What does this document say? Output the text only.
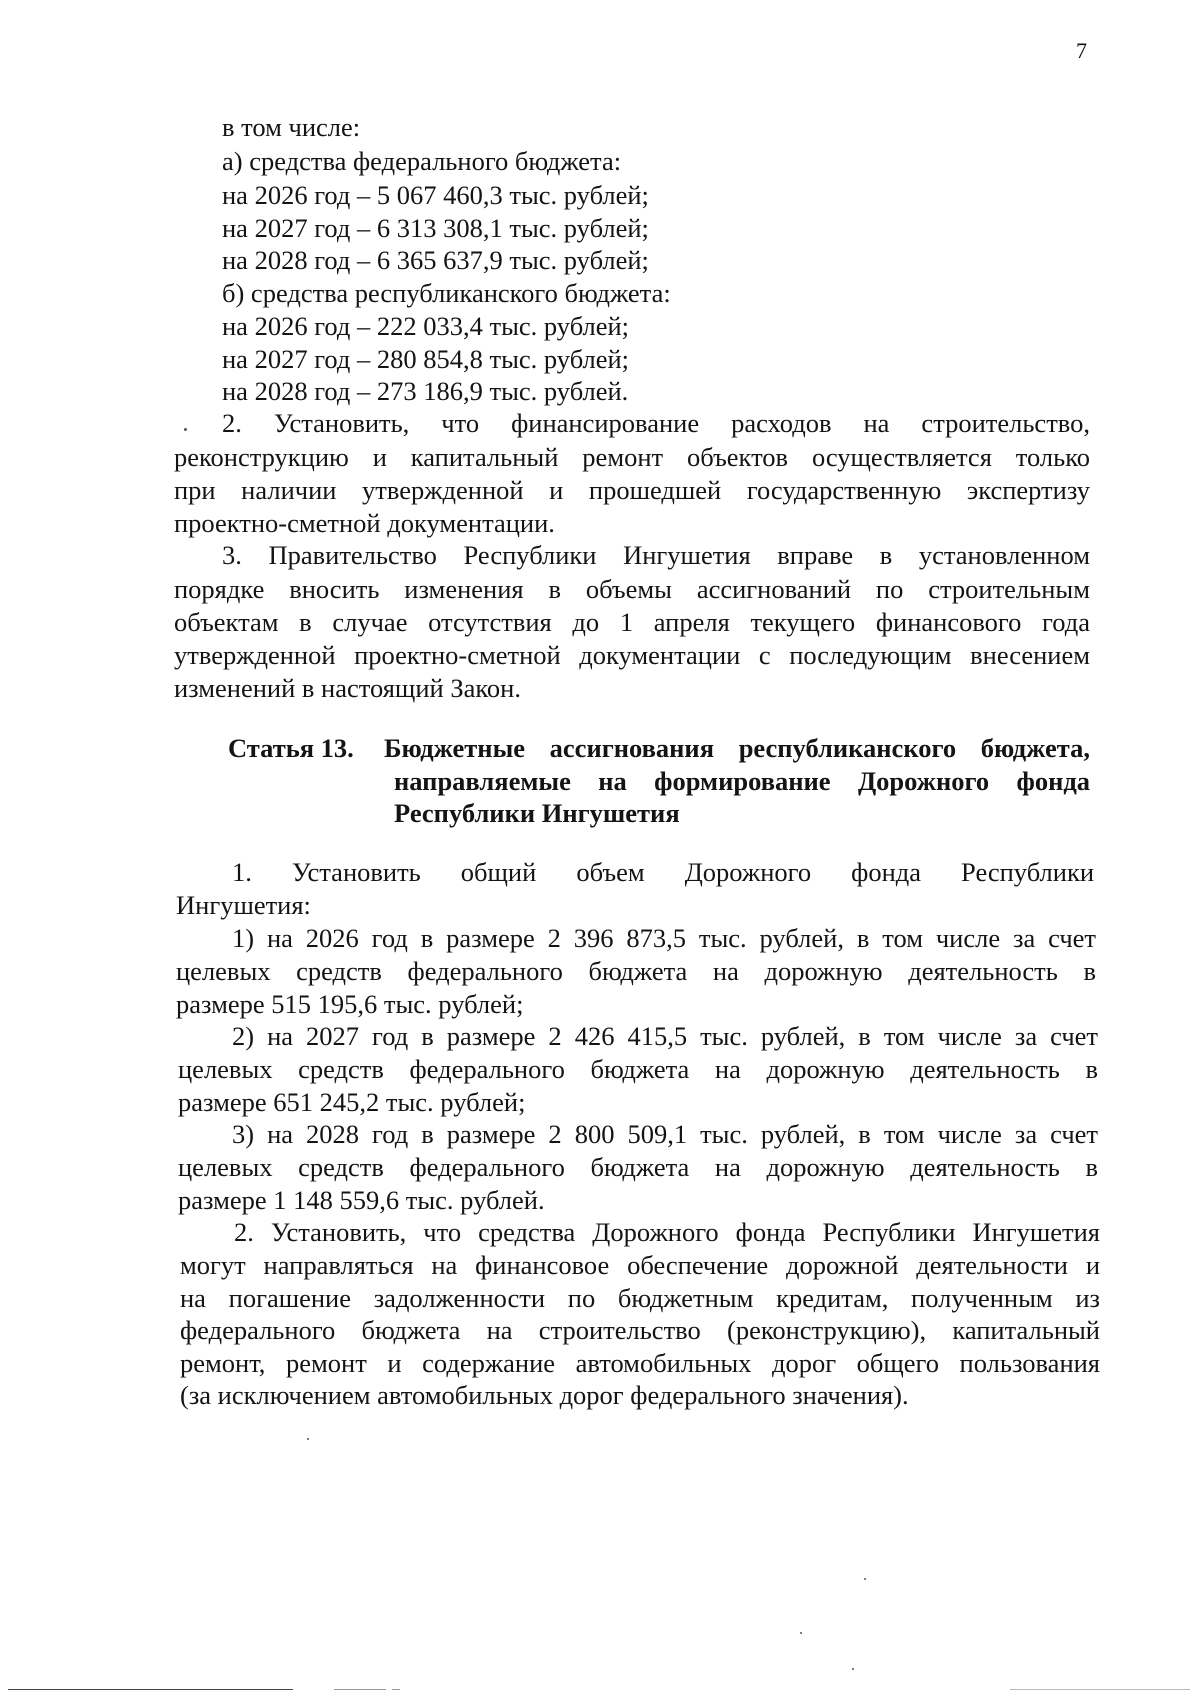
7
в том числе:
а) средства федерального бюджета:
на 2026 год – 5 067 460,3 тыс. рублей;
на 2027 год – 6 313 308,1 тыс. рублей;
на 2028 год – 6 365 637,9 тыс. рублей;
б) средства республиканского бюджета:
на 2026 год – 222 033,4 тыс. рублей;
на 2027 год – 280 854,8 тыс. рублей;
на 2028 год – 273 186,9 тыс. рублей.
2. Установить, что финансирование расходов на строительство,
реконструкцию и капитальный ремонт объектов осуществляется только
при наличии утвержденной и прошедшей государственную экспертизу
проектно-сметной документации.
3. Правительство Республики Ингушетия вправе в установленном
порядке вносить изменения в объемы ассигнований по строительным
объектам в случае отсутствия до 1 апреля текущего финансового года
утвержденной проектно-сметной документации с последующим внесением
изменений в настоящий Закон.
Статья 13. Бюджетные ассигнования республиканского бюджета,
направляемые на формирование Дорожного фонда
Республики Ингушетия
1. Установить общий объем Дорожного фонда Республики
Ингушетия:
1) на 2026 год в размере 2 396 873,5 тыс. рублей, в том числе за счет
целевых средств федерального бюджета на дорожную деятельность в
размере 515 195,6 тыс. рублей;
2) на 2027 год в размере 2 426 415,5 тыс. рублей, в том числе за счет
целевых средств федерального бюджета на дорожную деятельность в
размере 651 245,2 тыс. рублей;
3) на 2028 год в размере 2 800 509,1 тыс. рублей, в том числе за счет
целевых средств федерального бюджета на дорожную деятельность в
размере 1 148 559,6 тыс. рублей.
2. Установить, что средства Дорожного фонда Республики Ингушетия
могут направляться на финансовое обеспечение дорожной деятельности и
на погашение задолженности по бюджетным кредитам, полученным из
федерального бюджета на строительство (реконструкцию), капитальный
ремонт, ремонт и содержание автомобильных дорог общего пользования
(за исключением автомобильных дорог федерального значения).
